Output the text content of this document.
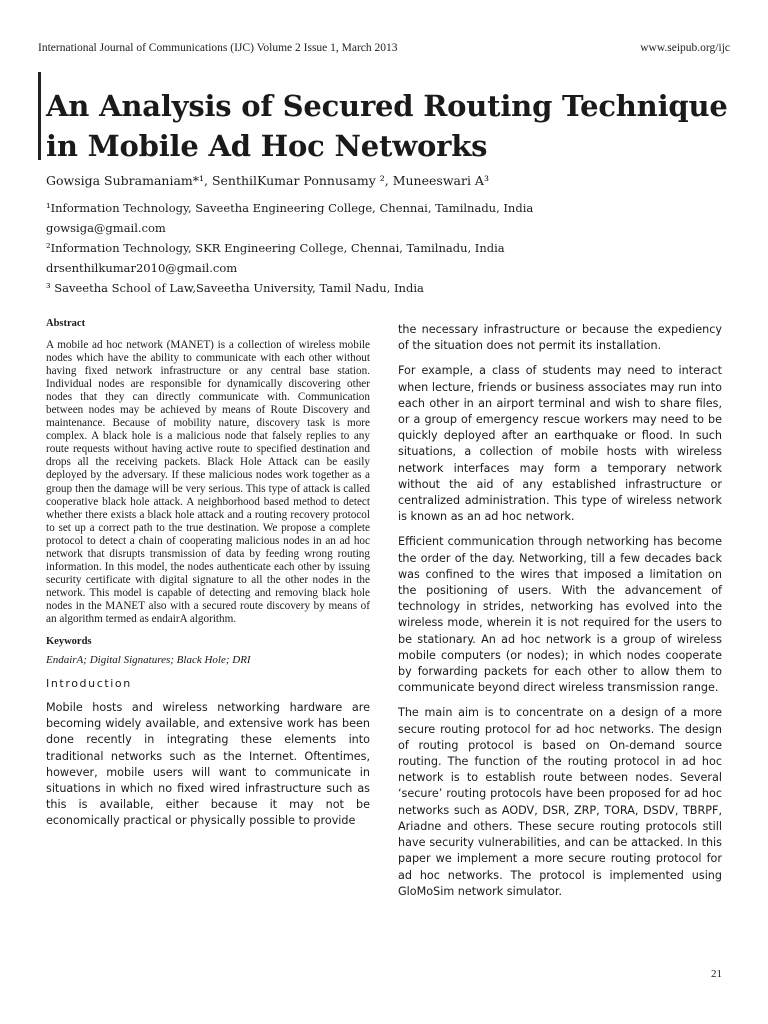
International Journal of Communications (IJC) Volume 2 Issue 1, March 2013	www.seipub.org/ijc
An Analysis of Secured Routing Technique in Mobile Ad Hoc Networks
Gowsiga Subramaniam*¹, SenthilKumar Ponnusamy ², Muneeswari A³
¹Information Technology, Saveetha Engineering College, Chennai, Tamilnadu, India
gowsiga@gmail.com
²Information Technology, SKR Engineering College, Chennai, Tamilnadu, India
drsenthilkumar2010@gmail.com
³ Saveetha School of Law,Saveetha University, Tamil Nadu, India
Abstract

A mobile ad hoc network (MANET) is a collection of wireless mobile nodes which have the ability to communicate with each other without having fixed network infrastructure or any central base station. Individual nodes are responsible for dynamically discovering other nodes that they can directly communicate with. Communication between nodes may be achieved by means of Route Discovery and maintenance. Because of mobility nature, discovery task is more complex. A black hole is a malicious node that falsely replies to any route requests without having active route to specified destination and drops all the receiving packets. Black Hole Attack can be easily deployed by the adversary. If these malicious nodes work together as a group then the damage will be very serious. This type of attack is called cooperative black hole attack. A neighborhood based method to detect whether there exists a black hole attack and a routing recovery protocol to set up a correct path to the true destination. We propose a complete protocol to detect a chain of cooperating malicious nodes in an ad hoc network that disrupts transmission of data by feeding wrong routing information. In this model, the nodes authenticate each other by issuing security certificate with digital signature to all the other nodes in the network. This model is capable of detecting and removing black hole nodes in the MANET also with a secured route discovery by means of an algorithm termed as endairA algorithm.

Keywords

EndairA; Digital Signatures; Black Hole; DRI

Introduction

Mobile hosts and wireless networking hardware are becoming widely available, and extensive work has been done recently in integrating these elements into traditional networks such as the Internet. Oftentimes, however, mobile users will want to communicate in situations in which no fixed wired infrastructure such as this is available, either because it may not be economically practical or physically possible to provide

the necessary infrastructure or because the expediency of the situation does not permit its installation.

For example, a class of students may need to interact when lecture, friends or business associates may run into each other in an airport terminal and wish to share files, or a group of emergency rescue workers may need to be quickly deployed after an earthquake or flood. In such situations, a collection of mobile hosts with wireless network interfaces may form a temporary network without the aid of any established infrastructure or centralized administration. This type of wireless network is known as an ad hoc network.

Efficient communication through networking has become the order of the day. Networking, till a few decades back was confined to the wires that imposed a limitation on the positioning of users. With the advancement of technology in strides, networking has evolved into the wireless mode, wherein it is not required for the users to be stationary. An ad hoc network is a group of wireless mobile computers (or nodes); in which nodes cooperate by forwarding packets for each other to allow them to communicate beyond direct wireless transmission range.

The main aim is to concentrate on a design of a more secure routing protocol for ad hoc networks. The design of routing protocol is based on On-demand source routing. The function of the routing protocol in ad hoc network is to establish route between nodes. Several ‘secure’ routing protocols have been proposed for ad hoc networks such as AODV, DSR, ZRP, TORA, DSDV, TBRPF, Ariadne and others. These secure routing protocols still have security vulnerabilities, and can be attacked. In this paper we implement a more secure routing protocol for ad hoc networks. The protocol is implemented using GloMoSim network simulator.

21
